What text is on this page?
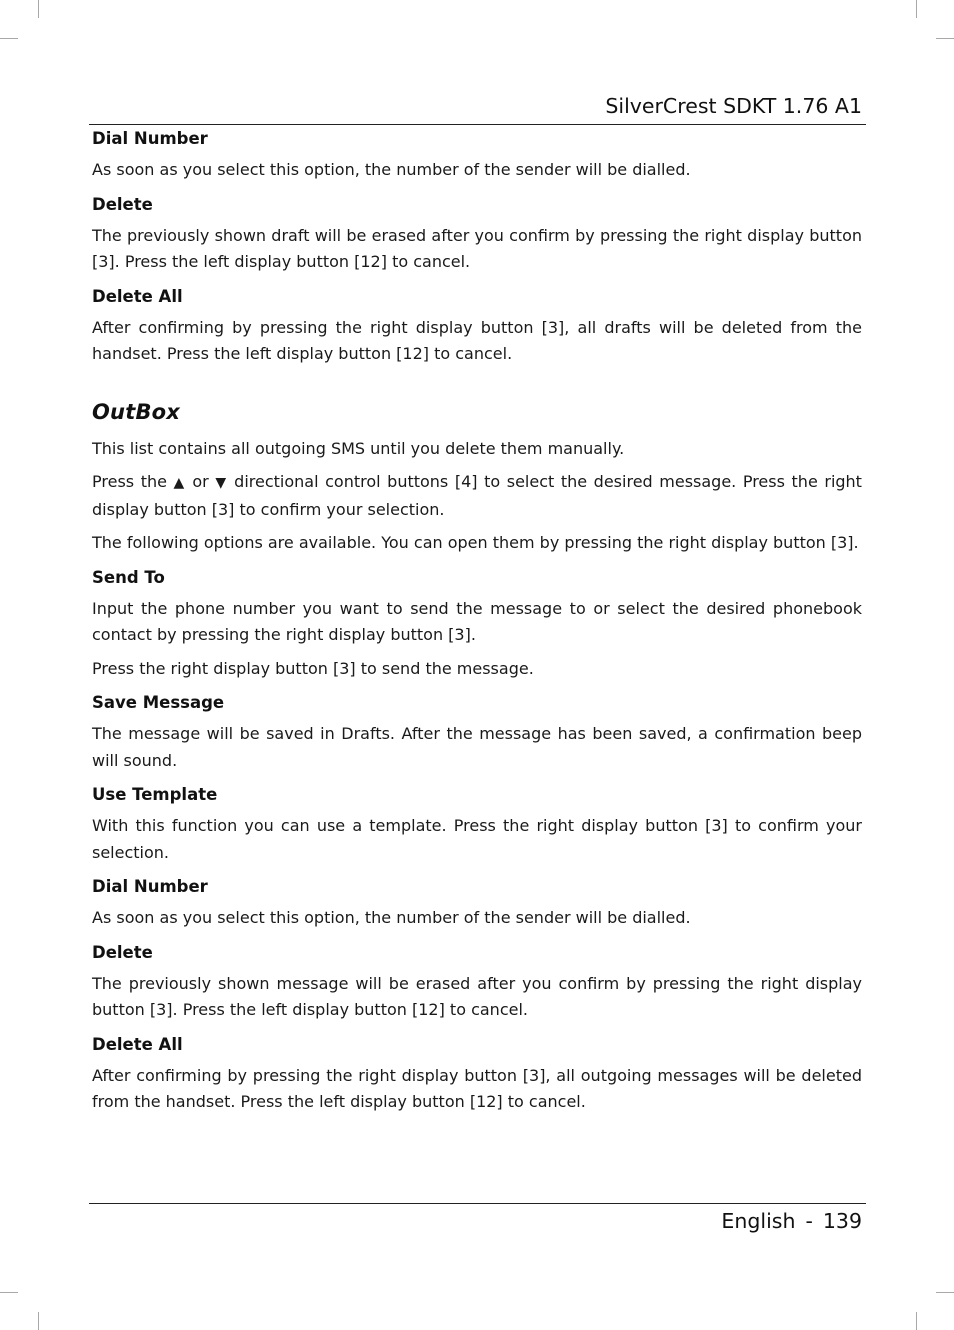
SilverCrest SDKT 1.76 A1
Dial Number

As soon as you select this option, the number of the sender will be dialled.

Delete

The previously shown draft will be erased after you confirm by pressing the right display button [3]. Press the left display button [12] to cancel.

Delete All

After confirming by pressing the right display button [3], all drafts will be deleted from the handset. Press the left display button [12] to cancel.

OutBox

This list contains all outgoing SMS until you delete them manually.

Press the ▲ or ▼ directional control buttons [4] to select the desired message. Press the right display button [3] to confirm your selection.

The following options are available. You can open them by pressing the right display button [3].

Send To

Input the phone number you want to send the message to or select the desired phonebook contact by pressing the right display button [3].

Press the right display button [3] to send the message.

Save Message

The message will be saved in Drafts. After the message has been saved, a confirmation beep will sound.

Use Template

With this function you can use a template. Press the right display button [3] to confirm your selection.

Dial Number

As soon as you select this option, the number of the sender will be dialled.

Delete

The previously shown message will be erased after you confirm by pressing the right display button [3]. Press the left display button [12] to cancel.

Delete All

After confirming by pressing the right display button [3], all outgoing messages will be deleted from the handset. Press the left display button [12] to cancel.

English - 139
